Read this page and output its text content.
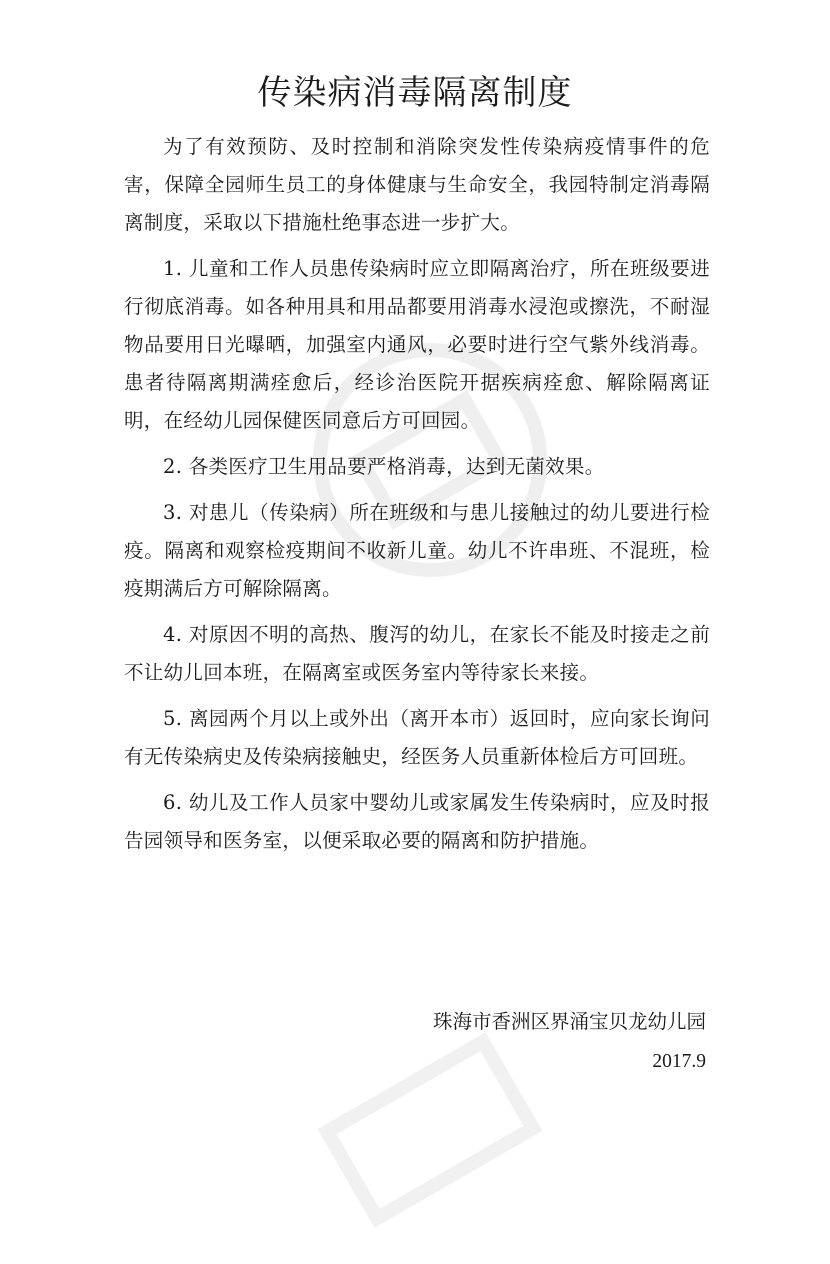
传染病消毒隔离制度

为了有效预防、及时控制和消除突发性传染病疫情事件的危害，保障全园师生员工的身体健康与生命安全，我园特制定消毒隔离制度，采取以下措施杜绝事态进一步扩大。

1. 儿童和工作人员患传染病时应立即隔离治疗，所在班级要进行彻底消毒。如各种用具和用品都要用消毒水浸泡或擦洗，不耐湿物品要用日光曝晒，加强室内通风，必要时进行空气紫外线消毒。患者待隔离期满痊愈后，经诊治医院开据疾病痊愈、解除隔离证明，在经幼儿园保健医同意后方可回园。

2. 各类医疗卫生用品要严格消毒，达到无菌效果。

3. 对患儿（传染病）所在班级和与患儿接触过的幼儿要进行检疫。隔离和观察检疫期间不收新儿童。幼儿不许串班、不混班，检疫期满后方可解除隔离。

4. 对原因不明的高热、腹泻的幼儿，在家长不能及时接走之前不让幼儿回本班，在隔离室或医务室内等待家长来接。

5. 离园两个月以上或外出（离开本市）返回时，应向家长询问有无传染病史及传染病接触史，经医务人员重新体检后方可回班。

6. 幼儿及工作人员家中婴幼儿或家属发生传染病时，应及时报告园领导和医务室，以便采取必要的隔离和防护措施。

珠海市香洲区界涌宝贝龙幼儿园
2017.9
